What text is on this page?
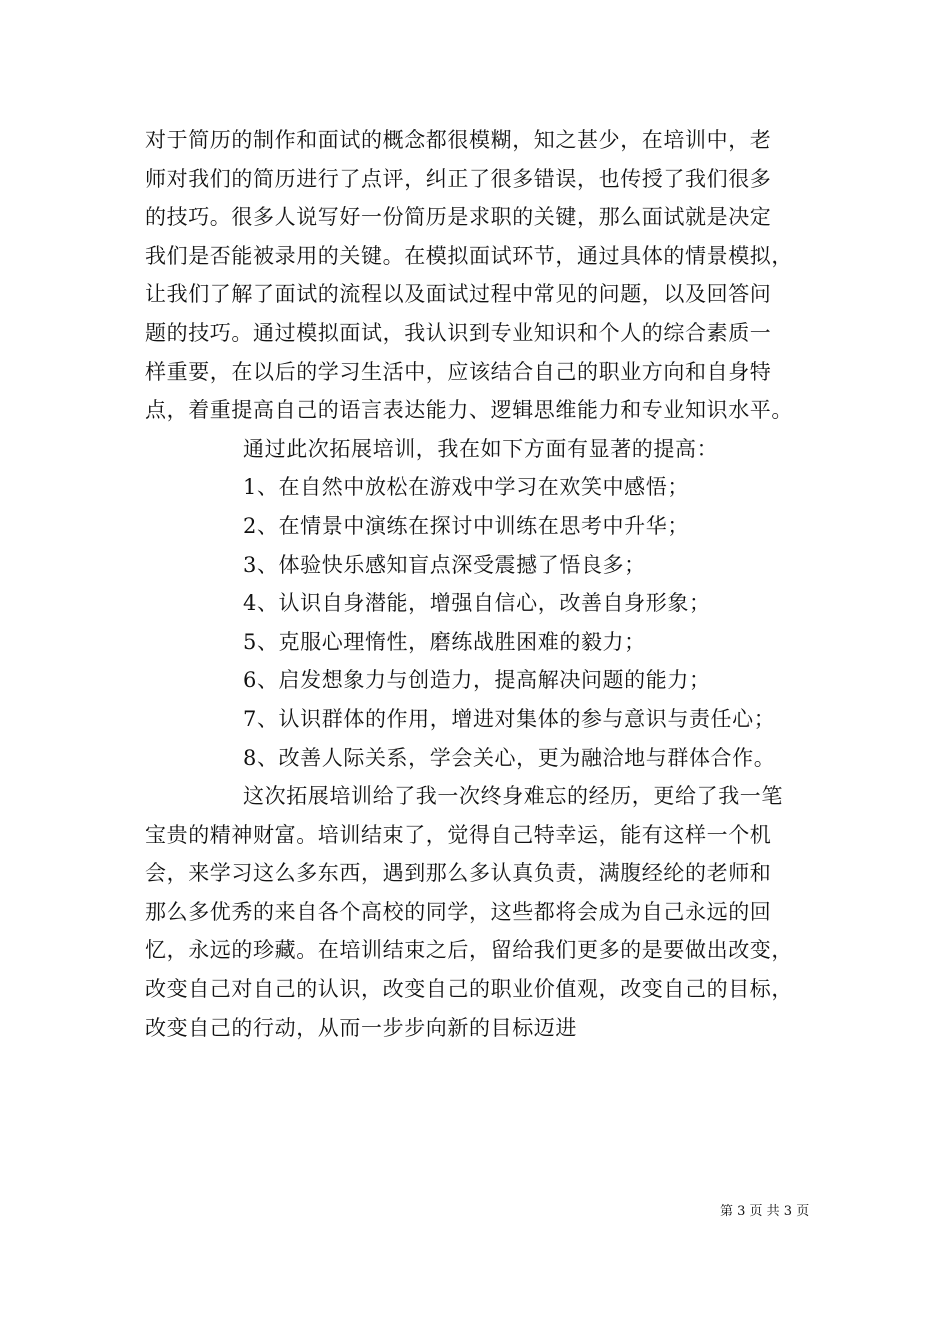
对于简历的制作和面试的概念都很模糊，知之甚少，在培训中，老
师对我们的简历进行了点评，纠正了很多错误，也传授了我们很多
的技巧。很多人说写好一份简历是求职的关键，那么面试就是决定
我们是否能被录用的关键。在模拟面试环节，通过具体的情景模拟，
让我们了解了面试的流程以及面试过程中常见的问题，以及回答问
题的技巧。通过模拟面试，我认识到专业知识和个人的综合素质一
样重要，在以后的学习生活中，应该结合自己的职业方向和自身特
点，着重提高自己的语言表达能力、逻辑思维能力和专业知识水平。
通过此次拓展培训，我在如下方面有显著的提高：
1、在自然中放松在游戏中学习在欢笑中感悟；
2、在情景中演练在探讨中训练在思考中升华；
3、体验快乐感知盲点深受震撼了悟良多；
4、认识自身潜能，增强自信心，改善自身形象；
5、克服心理惰性，磨练战胜困难的毅力；
6、启发想象力与创造力，提高解决问题的能力；
7、认识群体的作用，增进对集体的参与意识与责任心；
8、改善人际关系，学会关心，更为融洽地与群体合作。
这次拓展培训给了我一次终身难忘的经历，更给了我一笔
宝贵的精神财富。培训结束了，觉得自己特幸运，能有这样一个机
会，来学习这么多东西，遇到那么多认真负责，满腹经纶的老师和
那么多优秀的来自各个高校的同学，这些都将会成为自己永远的回
忆，永远的珍藏。在培训结束之后，留给我们更多的是要做出改变，
改变自己对自己的认识，改变自己的职业价值观，改变自己的目标，
改变自己的行动，从而一步步向新的目标迈进
第 3 页 共 3 页
